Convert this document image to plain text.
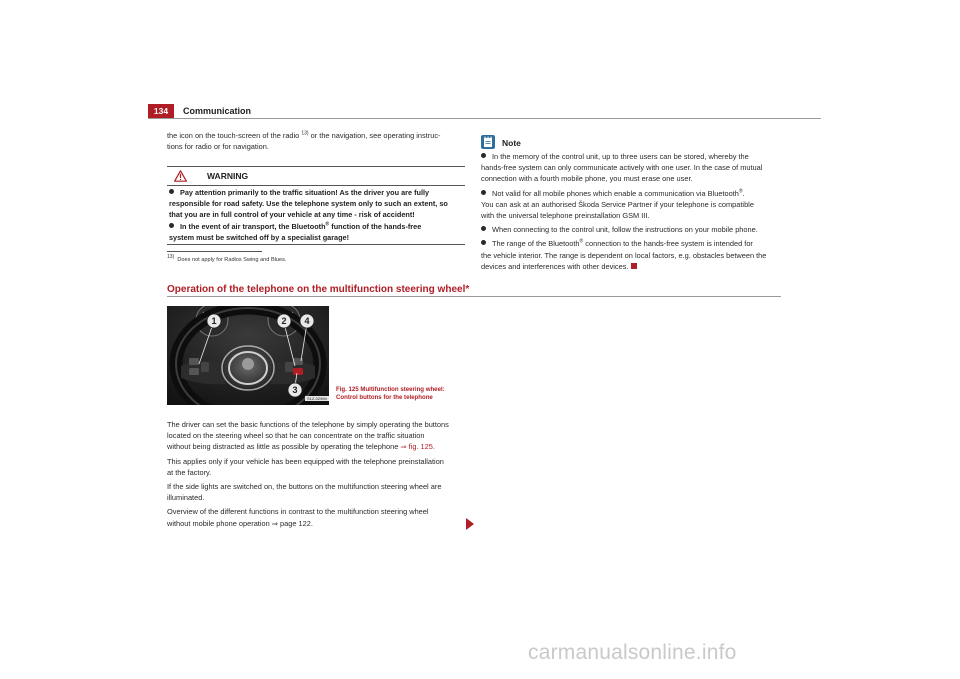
134	Communication

the icon on the touch-screen of the radio $^{13)}$ or the navigation, see operating instruc-

tions for radio or for navigation.

WARNING
Pay attention primarily to the traffic situation! As the driver you are fully
responsible for road safety. Use the telephone system only to such an extent, so
that you are in full control of your vehicle at any time - risk of accident!
In the event of air transport, the Bluetooth® function of the hands-free
system must be switched off by a specialist garage!
13) Does not apply for Radios Swing and Blues.
Note

In the memory of the control unit, up to three users can be stored, whereby the

hands-free system can only communicate actively with one user. In the case of mutual

connection with a fourth mobile phone, you must erase one user.

Not valid for all mobile phones which enable a communication via Bluetooth®.

You can ask at an authorised Škoda Service Partner if your telephone is compatible

with the universal telephone preinstallation GSM III.

When connecting to the control unit, follow the instructions on your mobile phone.

The range of the Bluetooth® connection to the hands-free system is intended for

the vehicle interior. The range is dependent on local factors, e.g. obstacles between the

devices and interferences with other devices.

Operation of the telephone on the multifunction steering wheel*
1	2
3
4
S1Z-0296h
Fig. 125 Multifunction steering wheel:
Control buttons for the telephone

The driver can set the basic functions of the telephone by simply operating the buttons

located on the steering wheel so that he can concentrate on the traffic situation

without being distracted as little as possible by operating the telephone ⇒ fig. 125.

This applies only if your vehicle has been equipped with the telephone preinstallation

at the factory.

If the side lights are switched on, the buttons on the multifunction steering wheel are

illuminated.

Overview of the different functions in contrast to the multifunction steering wheel

without mobile phone operation ⇒ page 122.

carmanualsonline.info
